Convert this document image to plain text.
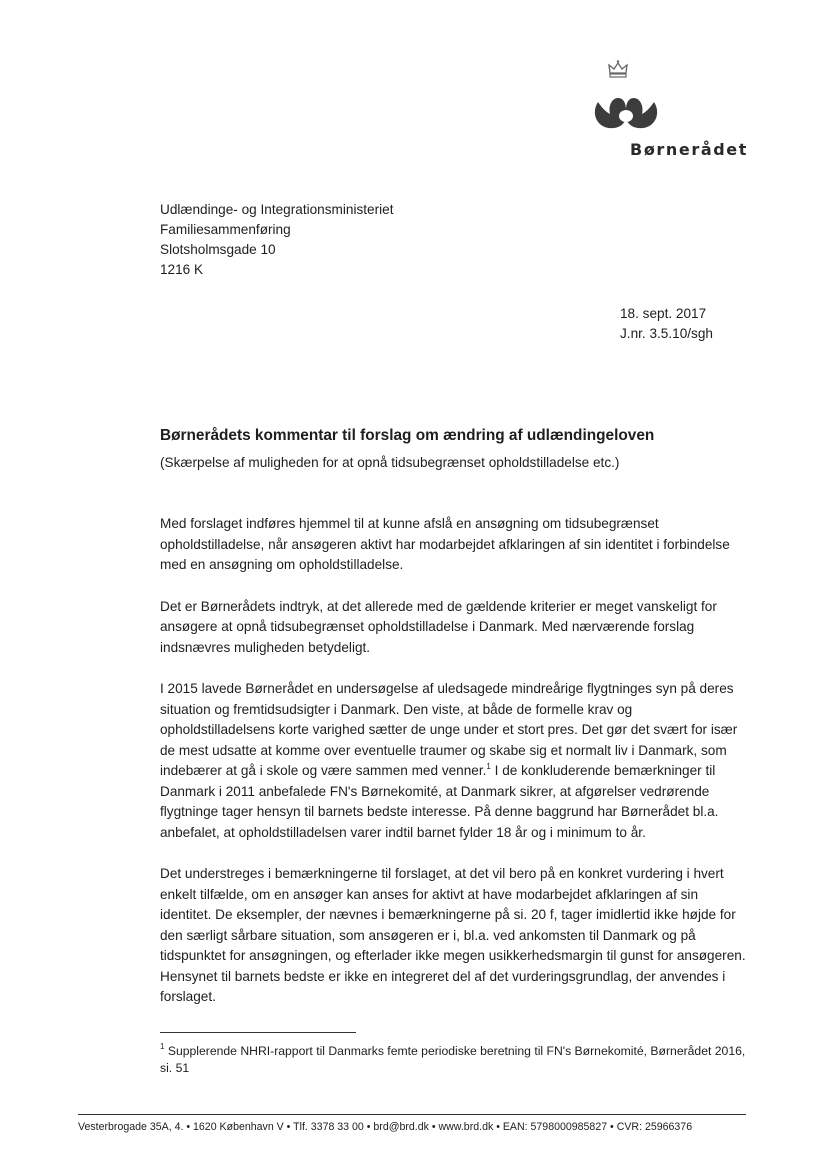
Børnerådet
Udlændinge- og Integrationsministeriet
Familiesammenføring
Slotsholmsgade 10
1216 K
18. sept. 2017
J.nr. 3.5.10/sgh
Børnerådets kommentar til forslag om ændring af udlændingeloven
(Skærpelse af muligheden for at opnå tidsubegrænset opholdstilladelse etc.)

Med forslaget indføres hjemmel til at kunne afslå en ansøgning om tidsubegrænset opholdstilladelse, når ansøgeren aktivt har modarbejdet afklaringen af sin identitet i forbindelse med en ansøgning om opholdstilladelse.

Det er Børnerådets indtryk, at det allerede med de gældende kriterier er meget vanskeligt for ansøgere at opnå tidsubegrænset opholdstilladelse i Danmark. Med nærværende forslag indsnævres muligheden betydeligt.

I 2015 lavede Børnerådet en undersøgelse af uledsagede mindreårige flygtninges syn på deres situation og fremtidsudsigter i Danmark. Den viste, at både de formelle krav og opholdstilladelsens korte varighed sætter de unge under et stort pres. Det gør det svært for især de mest udsatte at komme over eventuelle traumer og skabe sig et normalt liv i Danmark, som indebærer at gå i skole og være sammen med venner.$^1$ I de konkluderende bemærkninger til Danmark i 2011 anbefalede FN's Børnekomité, at Danmark sikrer, at afgørelser vedrørende flygtninge tager hensyn til barnets bedste interesse. På denne baggrund har Børnerådet bl.a. anbefalet, at opholdstilladelsen varer indtil barnet fylder 18 år og i minimum to år.

Det understreges i bemærkningerne til forslaget, at det vil bero på en konkret vurdering i hvert enkelt tilfælde, om en ansøger kan anses for aktivt at have modarbejdet afklaringen af sin identitet. De eksempler, der nævnes i bemærkningerne på si. 20 f, tager imidlertid ikke højde for den særligt sårbare situation, som ansøgeren er i, bl.a. ved ankomsten til Danmark og på tidspunktet for ansøgningen, og efterlader ikke megen usikkerhedsmargin til gunst for ansøgeren. Hensynet til barnets bedste er ikke en integreret del af det vurderingsgrundlag, der anvendes i forslaget.

$^1$ Supplerende NHRI-rapport til Danmarks femte periodiske beretning til FN's Børnekomité, Børnerådet 2016, si. 51
Vesterbrogade 35A, 4. • 1620 København V • Tlf. 3378 33 00 • brd@brd.dk • www.brd.dk • EAN: 5798000985827 • CVR: 25966376
